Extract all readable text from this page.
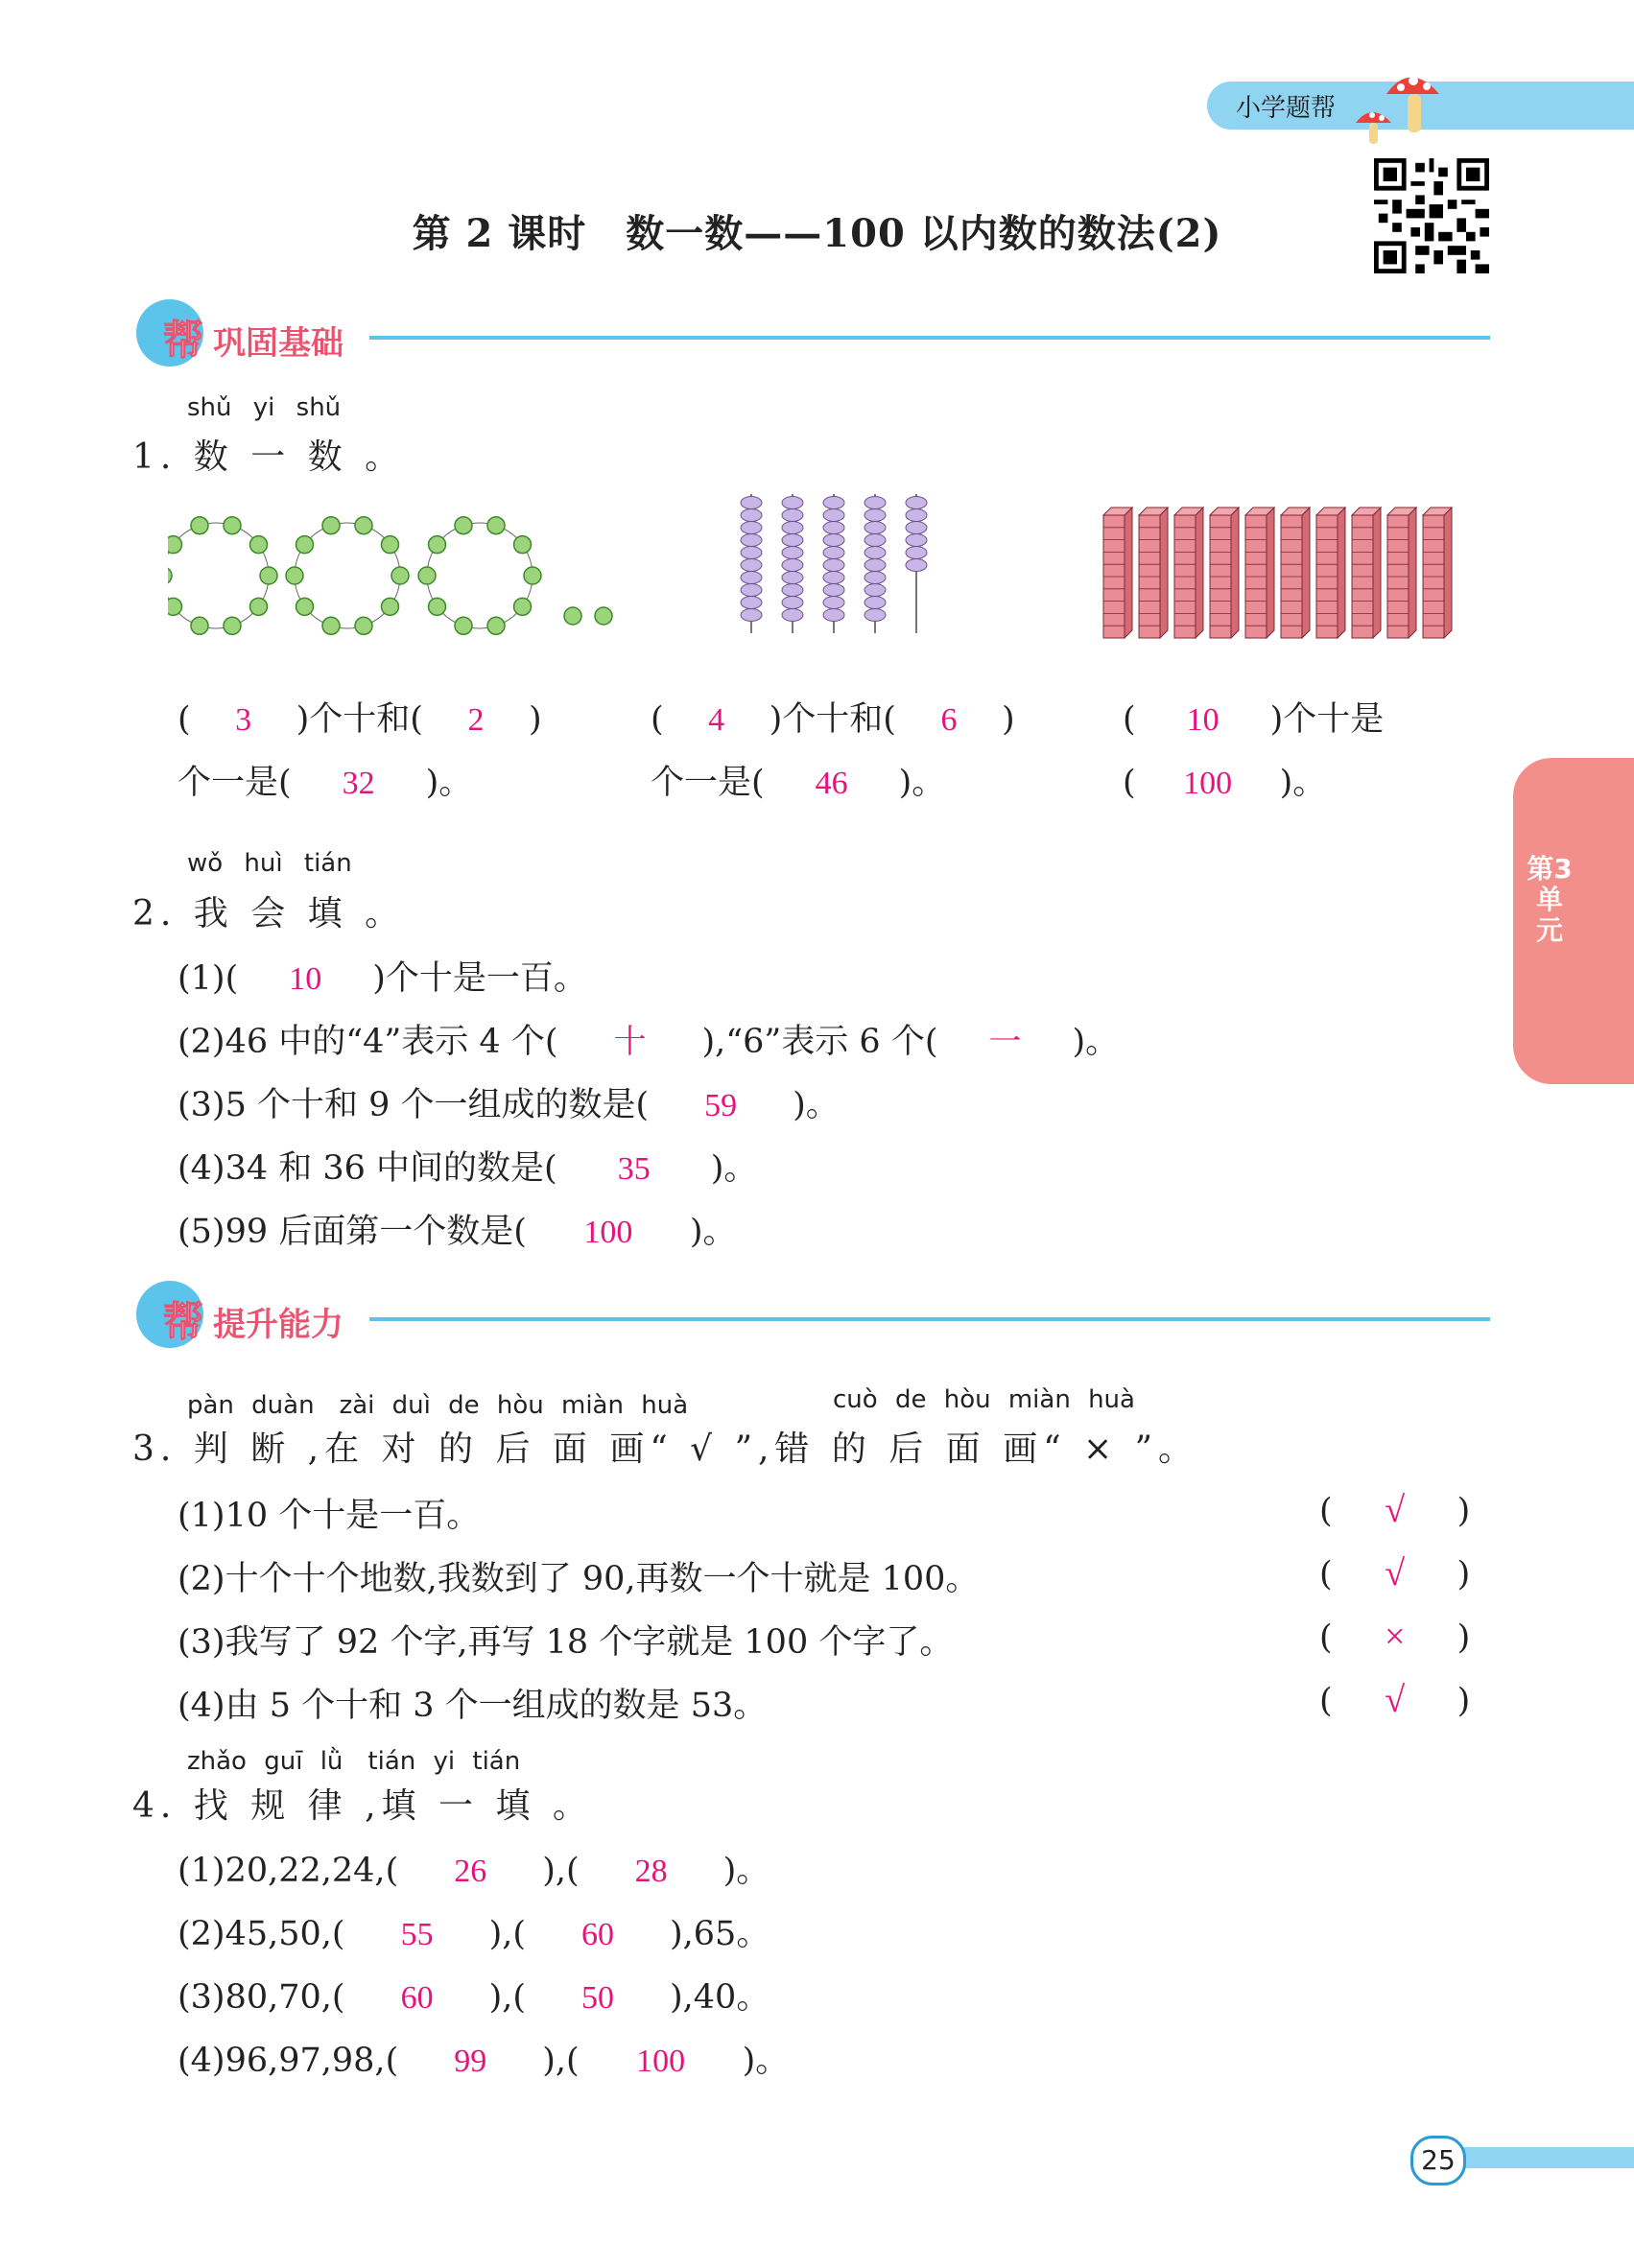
小学题帮
第 2 课时　数一数——100 以内数的数法(2)
帮 巩固基础
shǔ yi shǔ
1. 数 一 数 。
( 3 )个十和( 2 )
个一是( 32 )。
( 4 )个十和( 6 )
个一是( 46 )。
( 10 )个十是
( 100 )。
第3单元
wǒ huì tián
2. 我 会 填 。
(1)( 10 )个十是一百。
(2)46 中的“4”表示 4 个( 十 ),“6”表示 6 个( 一 )。
(3)5 个十和 9 个一组成的数是( 59 )。
(4)34 和 36 中间的数是( 35 )。
(5)99 后面第一个数是( 100 )。
帮 提升能力
pàn duàn　zài duì de hòu miàn huà	cuò de hòu miàn huà
3. 判 断 ,在 对 的 后 面 画“ √ ”,错 的 后 面 画“ × ”。
(1)10 个十是一百。	( √ )
(2)十个十个地数,我数到了 90,再数一个十就是 100。	( √ )
(3)我写了 92 个字,再写 18 个字就是 100 个字了。	( × )
(4)由 5 个十和 3 个一组成的数是 53。	( √ )
zhǎo guī lǜ　tián yi tián
4. 找 规 律 ,填 一 填 。
(1)20,22,24,( 26 ),( 28 )。
(2)45,50,( 55 ),( 60 ),65。
(3)80,70,( 60 ),( 50 ),40。
(4)96,97,98,( 99 ),( 100 )。
25
